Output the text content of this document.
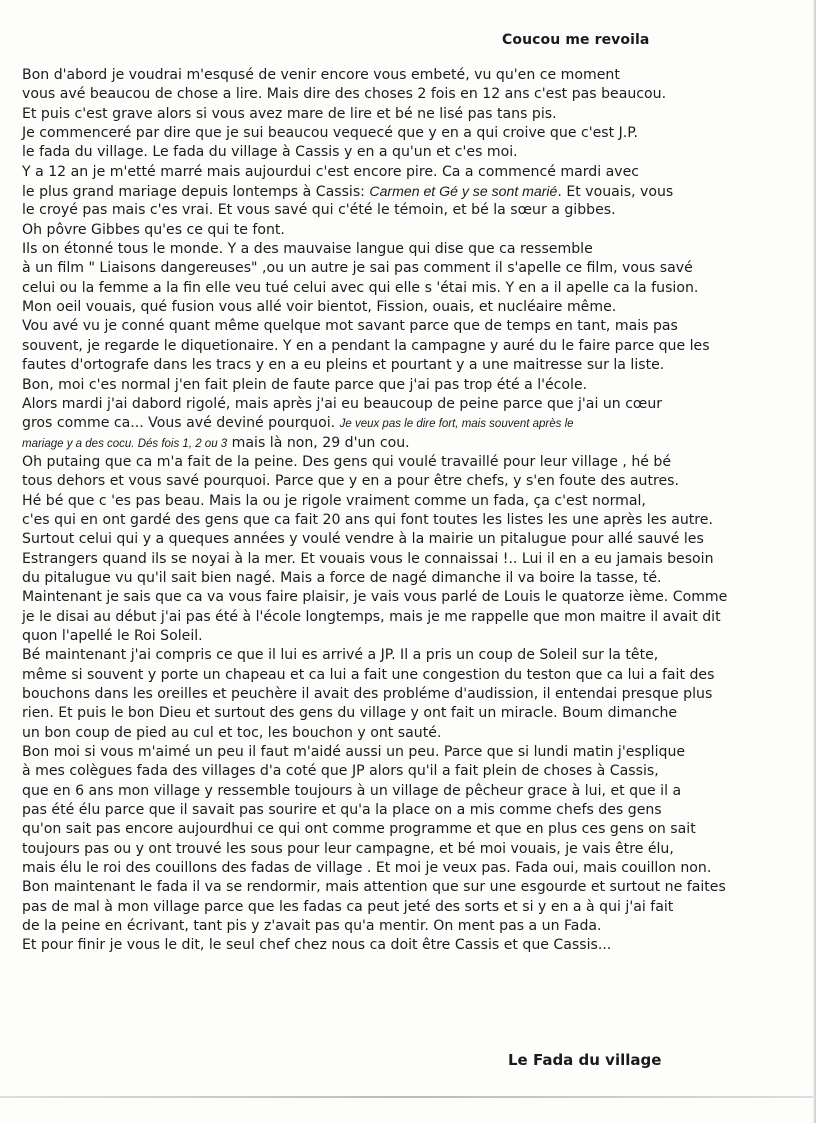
Coucou me revoila
Bon d'abord je voudrai m'esqusé de venir encore vous embeté, vu qu'en ce moment
vous avé beaucou de chose a lire. Mais dire des choses 2 fois en 12 ans c'est pas beaucou.
Et puis c'est grave alors si vous avez mare de lire et bé ne lisé pas tans pis.
Je commenceré par dire que je sui beaucou vequecé que y en a qui croive que c'est J.P.
le fada du village. Le fada du village à Cassis y en a qu'un et c'es moi.
Y a 12 an je m'etté marré mais aujourdui c'est encore pire. Ca a commencé mardi avec
le plus grand mariage depuis lontemps à Cassis: Carmen et Gé y se sont marié. Et vouais, vous
le croyé pas mais c'es vrai. Et vous savé qui c'été le témoin, et bé la sœur a gibbes.
Oh pôvre Gibbes qu'es ce qui te font.
Ils on étonné tous le monde. Y a des mauvaise langue qui dise que ca ressemble
à un film " Liaisons dangereuses" ,ou un autre je sai pas comment il s'apelle ce film, vous savé
celui ou la femme a la fin elle veu tué celui avec qui elle s 'étai mis. Y en a il apelle ca la fusion.
Mon oeil vouais, qué fusion vous allé voir bientot, Fission, ouais, et nucléaire même.
Vou avé vu je conné quant même quelque mot savant parce que de temps en tant, mais pas
souvent, je regarde le diquetionaire. Y en a pendant la campagne y auré du le faire parce que les
fautes d'ortografe dans les tracs y en a eu pleins et pourtant y a une maitresse sur la liste.
Bon, moi c'es normal j'en fait plein de faute parce que j'ai pas trop été a l'école.
Alors mardi j'ai dabord rigolé, mais après j'ai eu beaucoup de peine parce que j'ai un cœur
gros comme ca... Vous avé deviné pourquoi. Je veux pas le dire fort, mais souvent après le
mariage y a des cocu. Dés fois 1, 2 ou 3 mais là non, 29 d'un cou.
Oh putaing que ca m'a fait de la peine. Des gens qui voulé travaillé pour leur village , hé bé
tous dehors et vous savé pourquoi. Parce que y en a pour être chefs, y s'en foute des autres.
Hé bé que c 'es pas beau. Mais la ou je rigole vraiment comme un fada, ça c'est normal,
c'es qui en ont gardé des gens que ca fait 20 ans qui font toutes les listes les une après les autre.
Surtout celui qui y a queques années y voulé vendre à la mairie un pitalugue pour allé sauvé les
Estrangers quand ils se noyai à la mer. Et vouais vous le connaissai !.. Lui il en a eu jamais besoin
du pitalugue vu qu'il sait bien nagé. Mais a force de nagé dimanche il va boire la tasse, té.
Maintenant je sais que ca va vous faire plaisir, je vais vous parlé de Louis le quatorze ième. Comme
je le disai au début j'ai pas été à l'école longtemps, mais je me rappelle que mon maitre il avait dit
quon l'apellé le Roi Soleil.
Bé maintenant j'ai compris ce que il lui es arrivé a JP. Il a pris un coup de Soleil sur la tête,
même si souvent y porte un chapeau et ca lui a fait une congestion du teston que ca lui a fait des
bouchons dans les oreilles et peuchère il avait des probléme d'audission, il entendai presque plus
rien. Et puis le bon Dieu et surtout des gens du village y ont fait un miracle. Boum dimanche
un bon coup de pied au cul et toc, les bouchon y ont sauté.
Bon moi si vous m'aimé un peu il faut m'aidé aussi un peu. Parce que si lundi matin j'esplique
à mes colègues fada des villages d'a coté que JP alors qu'il a fait plein de choses à Cassis,
que en 6 ans mon village y ressemble toujours à un village de pêcheur grace à lui, et que il a
pas été élu parce que il savait pas sourire et qu'a la place on a mis comme chefs des gens
qu'on sait pas encore aujourdhui ce qui ont comme programme et que en plus ces gens on sait
toujours pas ou y ont trouvé les sous pour leur campagne, et bé moi vouais, je vais être élu,
mais élu le roi des couillons des fadas de village . Et moi je veux pas. Fada oui, mais couillon non.
Bon maintenant le fada il va se rendormir, mais attention que sur une esgourde et surtout ne faites
pas de mal à mon village parce que les fadas ca peut jeté des sorts et si y en a à qui j'ai fait
de la peine en écrivant, tant pis y z'avait pas qu'a mentir. On ment pas a un Fada.
Et pour finir je vous le dit, le seul chef chez nous ca doit être Cassis et que Cassis...
Le Fada du village
